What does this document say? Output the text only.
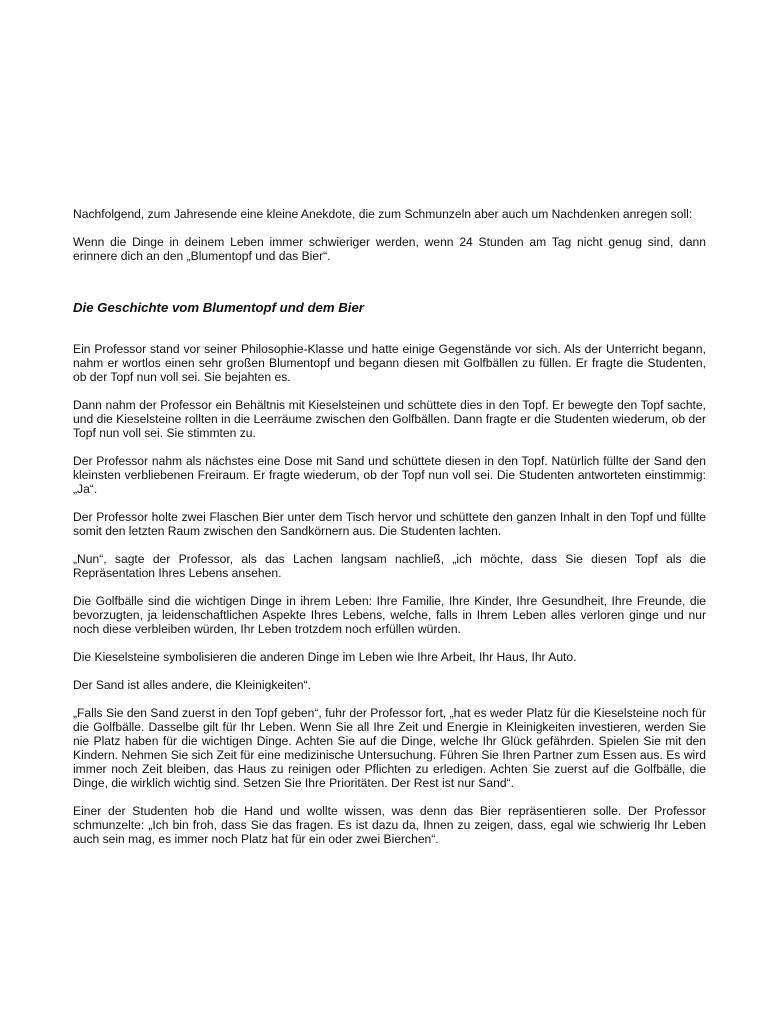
Nachfolgend, zum Jahresende eine kleine Anekdote, die zum Schmunzeln aber auch um Nachdenken anregen soll:

Wenn die Dinge in deinem Leben immer schwieriger werden, wenn 24 Stunden am Tag nicht genug sind, dann erinnere dich an den „Blumentopf und das Bier“.

Die Geschichte vom Blumentopf und dem Bier

Ein Professor stand vor seiner Philosophie-Klasse und hatte einige Gegenstände vor sich. Als der Unterricht begann, nahm er wortlos einen sehr großen Blumentopf und begann diesen mit Golfbällen zu füllen. Er fragte die Studenten, ob der Topf nun voll sei. Sie bejahten es.

Dann nahm der Professor ein Behältnis mit Kieselsteinen und schüttete dies in den Topf. Er bewegte den Topf sachte, und die Kieselsteine rollten in die Leerräume zwischen den Golfbällen. Dann fragte er die Studenten wiederum, ob der Topf nun voll sei. Sie stimmten zu.

Der Professor nahm als nächstes eine Dose mit Sand und schüttete diesen in den Topf. Natürlich füllte der Sand den kleinsten verbliebenen Freiraum. Er fragte wiederum, ob der Topf nun voll sei. Die Studenten antworteten einstimmig: „Ja“.

Der Professor holte zwei Flaschen Bier unter dem Tisch hervor und schüttete den ganzen Inhalt in den Topf und füllte somit den letzten Raum zwischen den Sandkörnern aus. Die Studenten lachten.

„Nun“, sagte der Professor, als das Lachen langsam nachließ, „ich möchte, dass Sie diesen Topf als die Repräsentation Ihres Lebens ansehen.

Die Golfbälle sind die wichtigen Dinge in ihrem Leben: Ihre Familie, Ihre Kinder, Ihre Gesundheit, Ihre Freunde, die bevorzugten, ja leidenschaftlichen Aspekte Ihres Lebens, welche, falls in Ihrem Leben alles verloren ginge und nur noch diese verbleiben würden, Ihr Leben trotzdem noch erfüllen würden.

Die Kieselsteine symbolisieren die anderen Dinge im Leben wie Ihre Arbeit, Ihr Haus, Ihr Auto.

Der Sand ist alles andere, die Kleinigkeiten“.

„Falls Sie den Sand zuerst in den Topf geben“, fuhr der Professor fort, „hat es weder Platz für die Kieselsteine noch für die Golfbälle. Dasselbe gilt für Ihr Leben. Wenn Sie all Ihre Zeit und Energie in Kleinigkeiten investieren, werden Sie nie Platz haben für die wichtigen Dinge. Achten Sie auf die Dinge, welche Ihr Glück gefährden. Spielen Sie mit den Kindern. Nehmen Sie sich Zeit für eine medizinische Untersuchung. Führen Sie Ihren Partner zum Essen aus. Es wird immer noch Zeit bleiben, das Haus zu reinigen oder Pflichten zu erledigen. Achten Sie zuerst auf die Golfbälle, die Dinge, die wirklich wichtig sind. Setzen Sie Ihre Prioritäten. Der Rest ist nur Sand“.

Einer der Studenten hob die Hand und wollte wissen, was denn das Bier repräsentieren solle. Der Professor schmunzelte: „Ich bin froh, dass Sie das fragen. Es ist dazu da, Ihnen zu zeigen, dass, egal wie schwierig Ihr Leben auch sein mag, es immer noch Platz hat für ein oder zwei Bierchen“.
